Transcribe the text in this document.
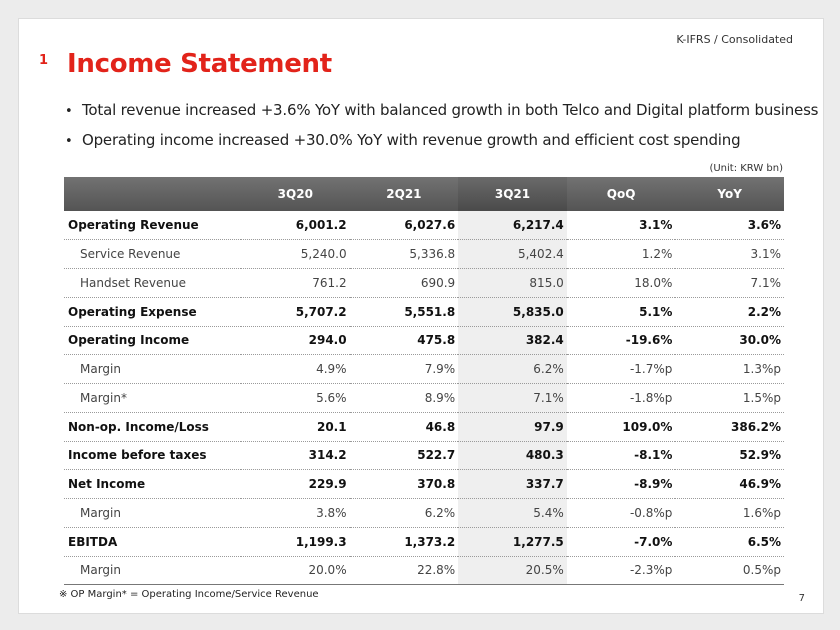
K-IFRS / Consolidated
1 Income Statement
• Total revenue increased +3.6% YoY with balanced growth in both Telco and Digital platform business
• Operating income increased +30.0% YoY with revenue growth and efficient cost spending
(Unit: KRW bn)
	3Q20	2Q21	3Q21	QoQ	YoY
Operating Revenue	6,001.2	6,027.6	6,217.4	3.1%	3.6%
Service Revenue	5,240.0	5,336.8	5,402.4	1.2%	3.1%
Handset Revenue	761.2	690.9	815.0	18.0%	7.1%
Operating Expense	5,707.2	5,551.8	5,835.0	5.1%	2.2%
Operating Income	294.0	475.8	382.4	-19.6%	30.0%
Margin	4.9%	7.9%	6.2%	-1.7%p	1.3%p
Margin*	5.6%	8.9%	7.1%	-1.8%p	1.5%p
Non-op. Income/Loss	20.1	46.8	97.9	109.0%	386.2%
Income before taxes	314.2	522.7	480.3	-8.1%	52.9%
Net Income	229.9	370.8	337.7	-8.9%	46.9%
Margin	3.8%	6.2%	5.4%	-0.8%p	1.6%p
EBITDA	1,199.3	1,373.2	1,277.5	-7.0%	6.5%
Margin	20.0%	22.8%	20.5%	-2.3%p	0.5%p
※ OP Margin* = Operating Income/Service Revenue	7
